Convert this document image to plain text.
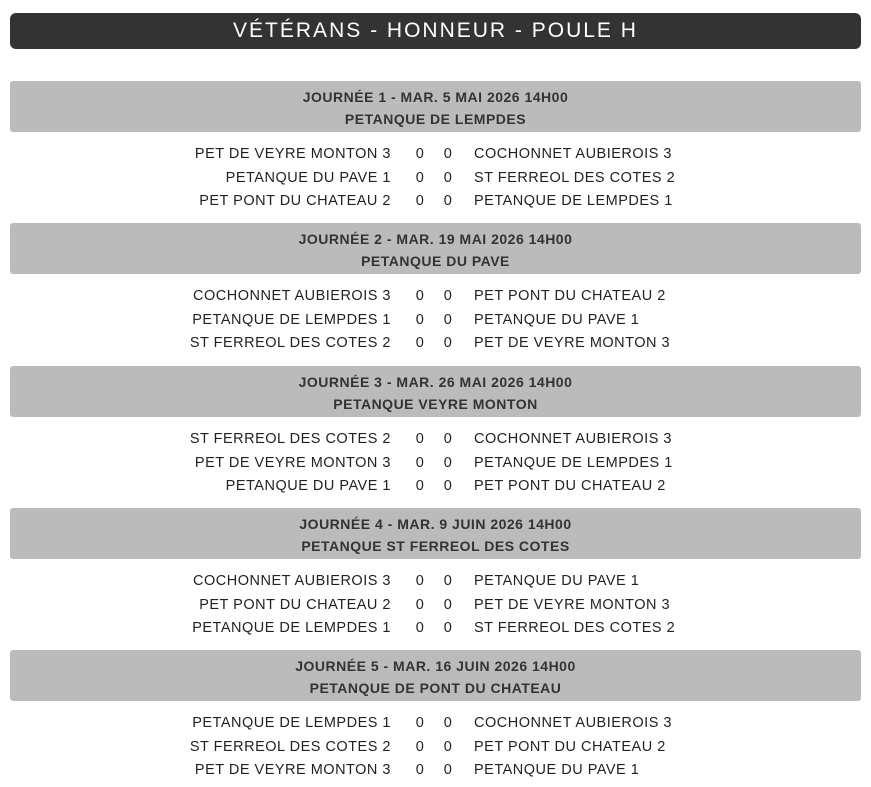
VÉTÉRANS - HONNEUR - POULE H
JOURNÉE 1 - MAR. 5 MAI 2026 14H00
PETANQUE DE LEMPDES
PET DE VEYRE MONTON 3 0 0 COCHONNET AUBIEROIS 3
PETANQUE DU PAVE 1 0 0 ST FERREOL DES COTES 2
PET PONT DU CHATEAU 2 0 0 PETANQUE DE LEMPDES 1
JOURNÉE 2 - MAR. 19 MAI 2026 14H00
PETANQUE DU PAVE
COCHONNET AUBIEROIS 3 0 0 PET PONT DU CHATEAU 2
PETANQUE DE LEMPDES 1 0 0 PETANQUE DU PAVE 1
ST FERREOL DES COTES 2 0 0 PET DE VEYRE MONTON 3
JOURNÉE 3 - MAR. 26 MAI 2026 14H00
PETANQUE VEYRE MONTON
ST FERREOL DES COTES 2 0 0 COCHONNET AUBIEROIS 3
PET DE VEYRE MONTON 3 0 0 PETANQUE DE LEMPDES 1
PETANQUE DU PAVE 1 0 0 PET PONT DU CHATEAU 2
JOURNÉE 4 - MAR. 9 JUIN 2026 14H00
PETANQUE ST FERREOL DES COTES
COCHONNET AUBIEROIS 3 0 0 PETANQUE DU PAVE 1
PET PONT DU CHATEAU 2 0 0 PET DE VEYRE MONTON 3
PETANQUE DE LEMPDES 1 0 0 ST FERREOL DES COTES 2
JOURNÉE 5 - MAR. 16 JUIN 2026 14H00
PETANQUE DE PONT DU CHATEAU
PETANQUE DE LEMPDES 1 0 0 COCHONNET AUBIEROIS 3
ST FERREOL DES COTES 2 0 0 PET PONT DU CHATEAU 2
PET DE VEYRE MONTON 3 0 0 PETANQUE DU PAVE 1
